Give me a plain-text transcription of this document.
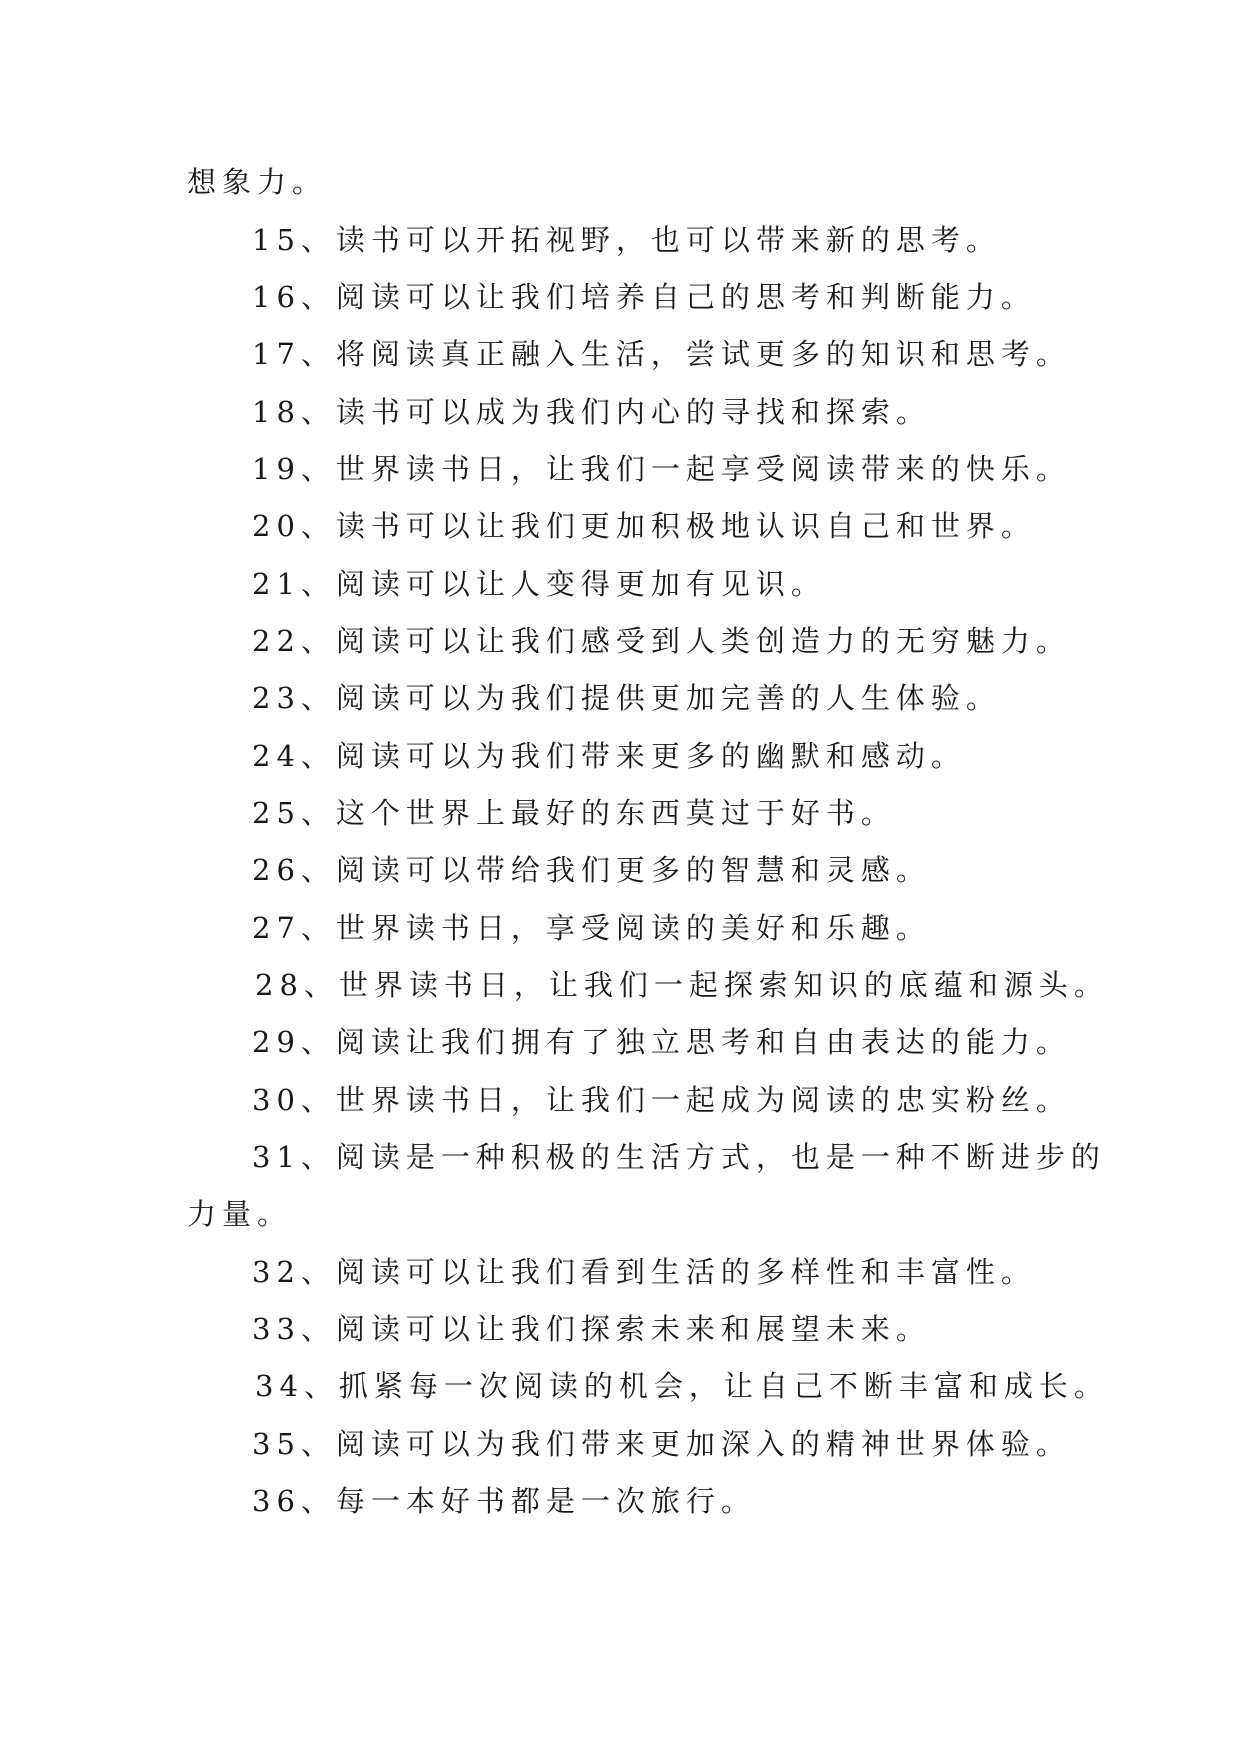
想象力。
15、读书可以开拓视野，也可以带来新的思考。
16、阅读可以让我们培养自己的思考和判断能力。
17、将阅读真正融入生活，尝试更多的知识和思考。
18、读书可以成为我们内心的寻找和探索。
19、世界读书日，让我们一起享受阅读带来的快乐。
20、读书可以让我们更加积极地认识自己和世界。
21、阅读可以让人变得更加有见识。
22、阅读可以让我们感受到人类创造力的无穷魅力。
23、阅读可以为我们提供更加完善的人生体验。
24、阅读可以为我们带来更多的幽默和感动。
25、这个世界上最好的东西莫过于好书。
26、阅读可以带给我们更多的智慧和灵感。
27、世界读书日，享受阅读的美好和乐趣。
28、世界读书日，让我们一起探索知识的底蕴和源头。
29、阅读让我们拥有了独立思考和自由表达的能力。
30、世界读书日，让我们一起成为阅读的忠实粉丝。
31、阅读是一种积极的生活方式，也是一种不断进步的
力量。
32、阅读可以让我们看到生活的多样性和丰富性。
33、阅读可以让我们探索未来和展望未来。
34、抓紧每一次阅读的机会，让自己不断丰富和成长。
35、阅读可以为我们带来更加深入的精神世界体验。
36、每一本好书都是一次旅行。
